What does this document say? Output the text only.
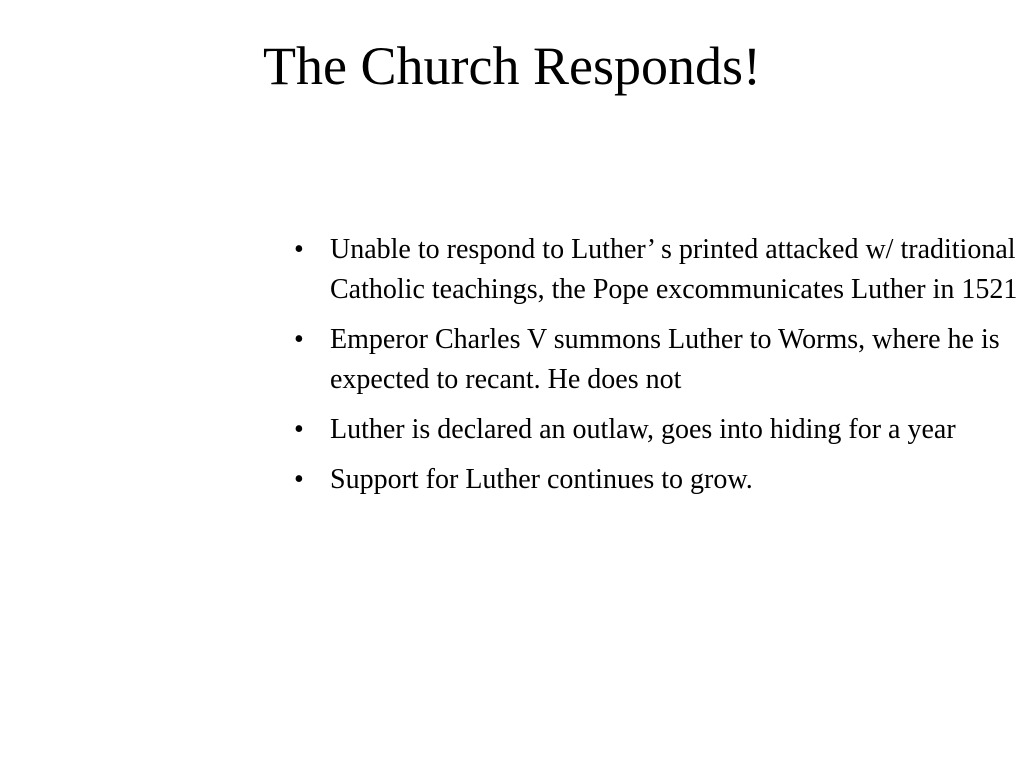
The Church Responds!
• Unable to respond to Luther’ s printed attacked w/ traditional Catholic teachings, the Pope excommunicates Luther in 1521
• Emperor Charles V summons Luther to Worms, where he is expected to recant. He does not
• Luther is declared an outlaw, goes into hiding for a year
• Support for Luther continues to grow.
